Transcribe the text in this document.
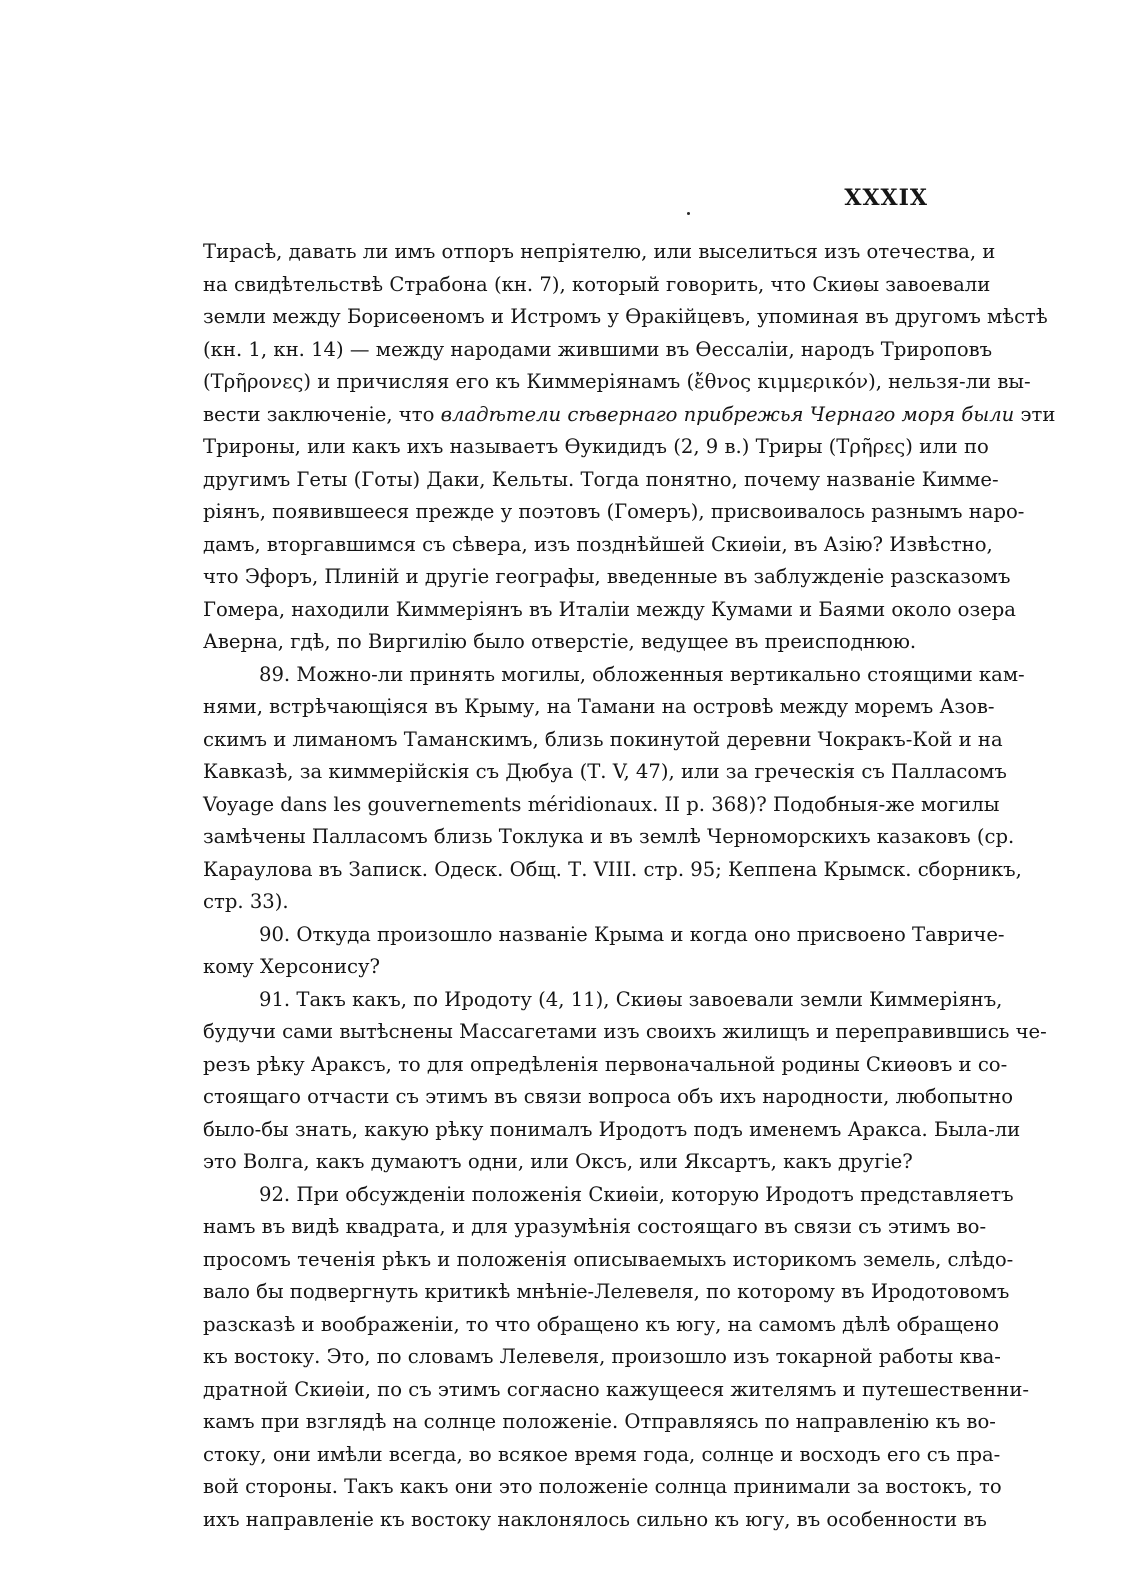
XXXIX
Тирасѣ, давать ли имъ отпоръ непріятелю, или выселиться изъ отечества, и
на свидѣтельствѣ Страбона (кн. 7), который говорить, что Скиѳы завоевали
земли между Борисѳеномъ и Истромъ у Ѳракійцевъ, упоминая въ другомъ мѣстѣ
(кн. 1, кн. 14) — между народами жившими въ Ѳессаліи, народъ Трироповъ
(Τρῆρονες) и причисляя его къ Киммеріянамъ (ἔθνος κιμμερικόν), нельзя-ли вы-
вести заключеніе, что владѣтели сѣвернаго прибрежья Чернаго моря были эти
Трироны, или какъ ихъ называетъ Ѳукидидъ (2, 9 в.) Триры (Τρῆρες) или по
другимъ Геты (Готы) Даки, Кельты. Тогда понятно, почему названіе Кимме-
ріянъ, появившееся прежде у поэтовъ (Гомеръ), присвоивалось разнымъ наро-
дамъ, вторгавшимся съ сѣвера, изъ позднѣйшей Скиѳіи, въ Азію? Извѣстно,
что Эфоръ, Плиній и другіе географы, введенные въ заблужденіе разсказомъ
Гомера, находили Киммеріянъ въ Италіи между Кумами и Баями около озера
Аверна, гдѣ, по Виргилію было отверстіе, ведущее въ преисподнюю.
89. Можно-ли принять могилы, обложенныя вертикально стоящими кам-
нями, встрѣчающіяся въ Крыму, на Тамани на островѣ между моремъ Азов-
скимъ и лиманомъ Таманскимъ, близь покинутой деревни Чокракъ-Кой и на
Кавказѣ, за киммерійскія съ Дюбуа (Т. V, 47), или за греческія съ Палласомъ
Voyage dans les gouvernements méridionaux. II p. 368)? Подобныя-же могилы
замѣчены Палласомъ близь Токлука и въ землѣ Черноморскихъ казаковъ (ср.
Караулова въ Записк. Одеск. Общ. Т. VIII. стр. 95; Кеппена Крымск. сборникъ,
стр. 33).
90. Откуда произошло названіе Крыма и когда оно присвоено Тавриче-
кому Херсонису?
91. Такъ какъ, по Иродоту (4, 11), Скиѳы завоевали земли Киммеріянъ,
будучи сами вытѣснены Массагетами изъ своихъ жилищъ и переправившись че-
резъ рѣку Араксъ, то для опредѣленія первоначальной родины Скиѳовъ и со-
стоящаго отчасти съ этимъ въ связи вопроса объ ихъ народности, любопытно
было-бы знать, какую рѣку понималъ Иродотъ подъ именемъ Аракса. Была-ли
это Волга, какъ думаютъ одни, или Оксъ, или Яксартъ, какъ другіе?
92. При обсужденіи положенія Скиѳіи, которую Иродотъ представляетъ
намъ въ видѣ квадрата, и для уразумѣнія состоящаго въ связи съ этимъ во-
просомъ теченія рѣкъ и положенія описываемыхъ историкомъ земель, слѣдо-
вало бы подвергнуть критикѣ мнѣніе-Лелевеля, по которому въ Иродотовомъ
разсказѣ и воображеніи, то что обращено къ югу, на самомъ дѣлѣ обращено
къ востоку. Это, по словамъ Лелевеля, произошло изъ токарной работы ква-
дратной Скиѳіи, по съ этимъ согласно кажущееся жителямъ и путешественни-
камъ при взглядѣ на солнце положеніе. Отправляясь по направленію къ во-
стоку, они имѣли всегда, во всякое время года, солнце и восходъ его съ пра-
вой стороны. Такъ какъ они это положеніе солнца принимали за востокъ, то
ихъ направленіе къ востоку наклонялось сильно къ югу, въ особенности въ
